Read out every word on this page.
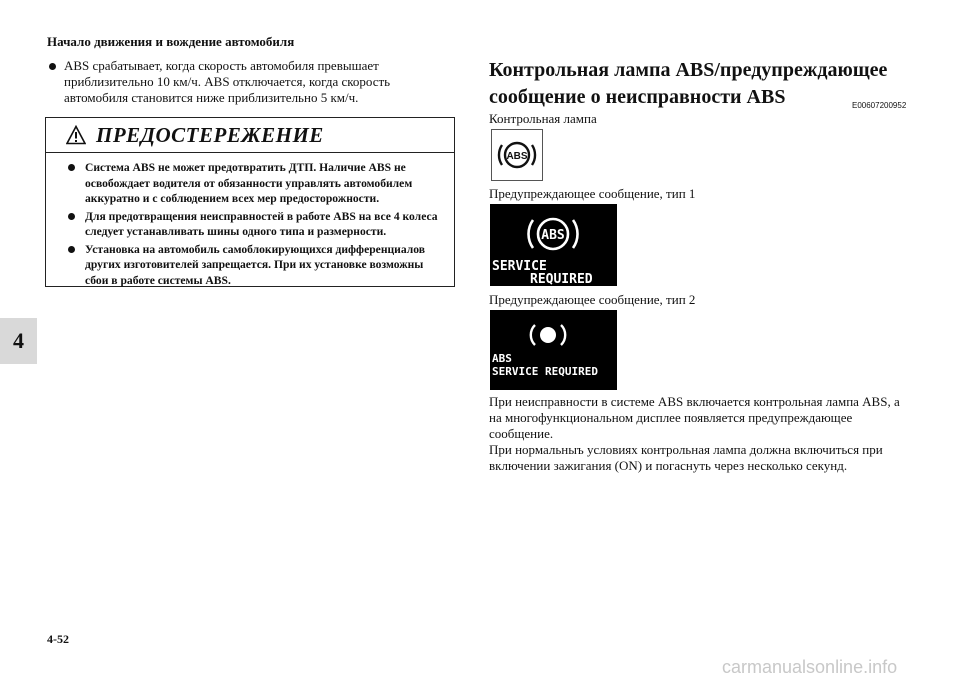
Начало движения и вождение автомобиля
ABS срабатывает, когда скорость автомобиля превышает приблизительно 10 км/ч. ABS отключается, когда скорость автомобиля становится ниже приблизительно 5 км/ч.
ПРЕДОСТЕРЕЖЕНИЕ
Система ABS не может предотвратить ДТП. Наличие ABS не освобождает водителя от обязанности управлять автомобилем аккуратно и с соблюдением всех мер предосторожности.
Для предотвращения неисправностей в работе ABS на все 4 колеса следует устанавливать шины одного типа и размерности.
Установка на автомобиль самоблокирующихся дифференциалов других изготовителей запрещается. При их установке возможны сбои в работе системы ABS.
4
4-52
Контрольная лампа ABS/предупреждающее сообщение о неисправности ABS	E00607200952
Контрольная лампа
ABS
Предупреждающее сообщение, тип 1
ABS
SERVICE
REQUIRED
Предупреждающее сообщение, тип 2
ABS
SERVICE REQUIRED

При неисправности в системе ABS включается контрольная лампа ABS, а на многофункциональном дисплее появляется предупреждающее сообщение.

При нормальныъ условиях контрольная лампа должна включиться при включении зажигания (ON) и погаснуть через несколько секунд.

carmanualsonline.info
